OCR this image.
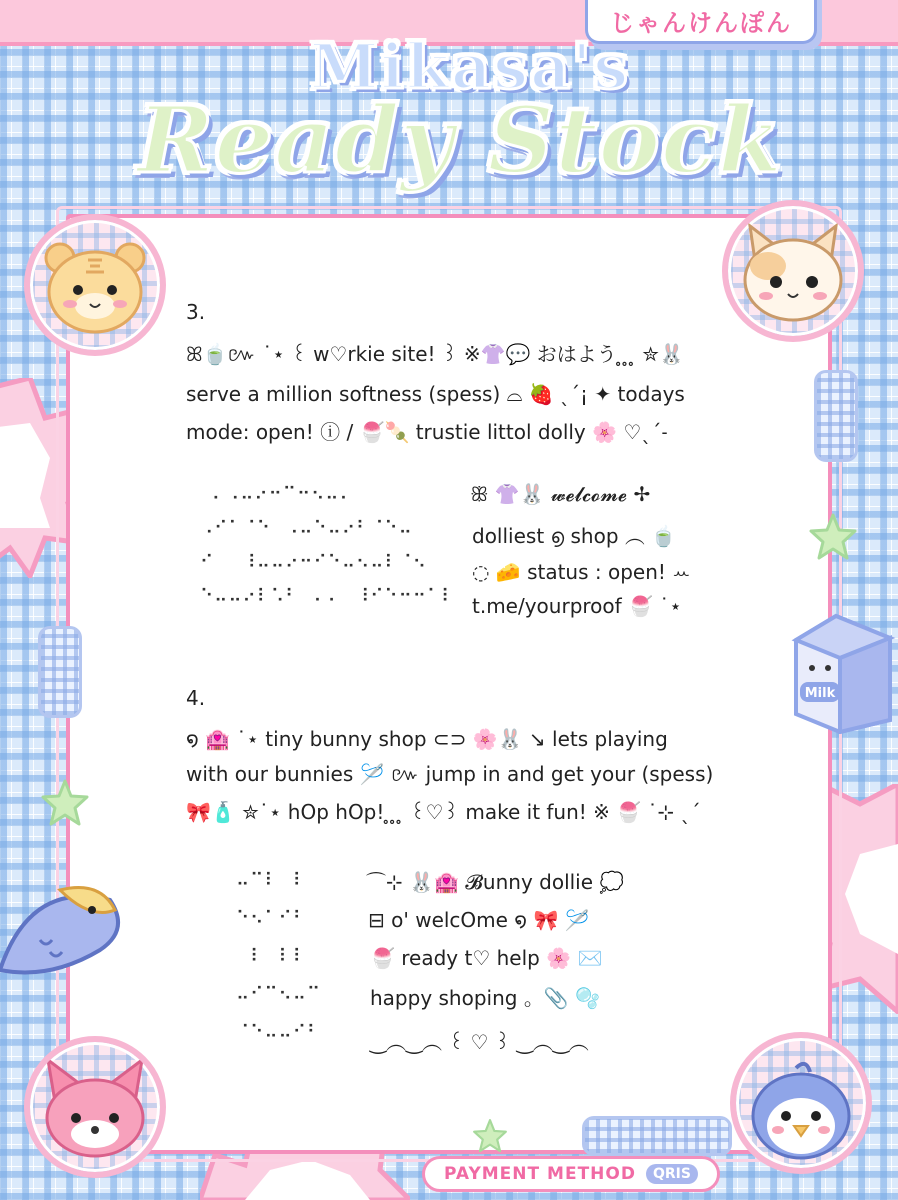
じゃんけんぽん
Mikasa's
Ready Stock
Milk
3.
ꕤ🍵៚ ˙⋆ ꒰ w♡rkie site! ꒱ ※👚💬 おはよう ̥ ̥ ̥ ✮🐰
serve a million softness (spess) ⌓ 🍓 ˎˊ¡ ✦ todays
mode: open! ⓘ / 🍧🍡 trustie littol dolly 🌸 ♡ˎˊ˗
⠄⠠⠤⠔⠒⠉⠒⠢⠤⠄⠀
⠠⠊⠁⠈⠑⠀⠠⠤⠑⠤⠔⠃⠈⠑⠤
⠊⠀⠀⠸⠤⠤⠔⠒⠊⠑⠤⠢⠤⠇⠈⠢
⠑⠤⠤⠔⠇⠡⠃⠀⠄⠄⠀⠸⠊⠑⠒⠒⠁⠇
ꕥ 👚🐰 𝔀𝓮𝓵𝓬𝓸𝓶𝓮 ✢
dolliest ൭ shop ︵ 🍵
◌ 🧀 status : open! ꕀ
t.me/yourproof 🍧 ˙⋆
4.
໑ 🏩 ˙⋆ tiny bunny shop ⊂⊃ 🌸🐰 ↘ lets playing
with our bunnies 🪡 ៚ jump in and get your (spess)
🎀🧴 ✮˙⋆ hOp hOp! ̥ ̥ ̥ ꒰♡꒱ make it fun! ※ 🍧 ˙⊹ ˎˊ
⠤⠉⠇⠀⠇
⠑⠢⠁⠊⠃
⠀⠇⠀⠇⠇
⠤⠊⠉⠢⠤⠉
⠈⠑⠤⠤⠊⠃
⌒⊹ 🐰🏩 𝓑unny dollie 💭
⊟ o' welcOme ໑ 🎀 🪡
🍧 ready t♡ help 🌸 ✉️
happy shoping 。📎 🫧
‿︵‿︵ ꒰ ♡ ꒱ ‿︵‿︵
PAYMENT METHOD	QRIS
